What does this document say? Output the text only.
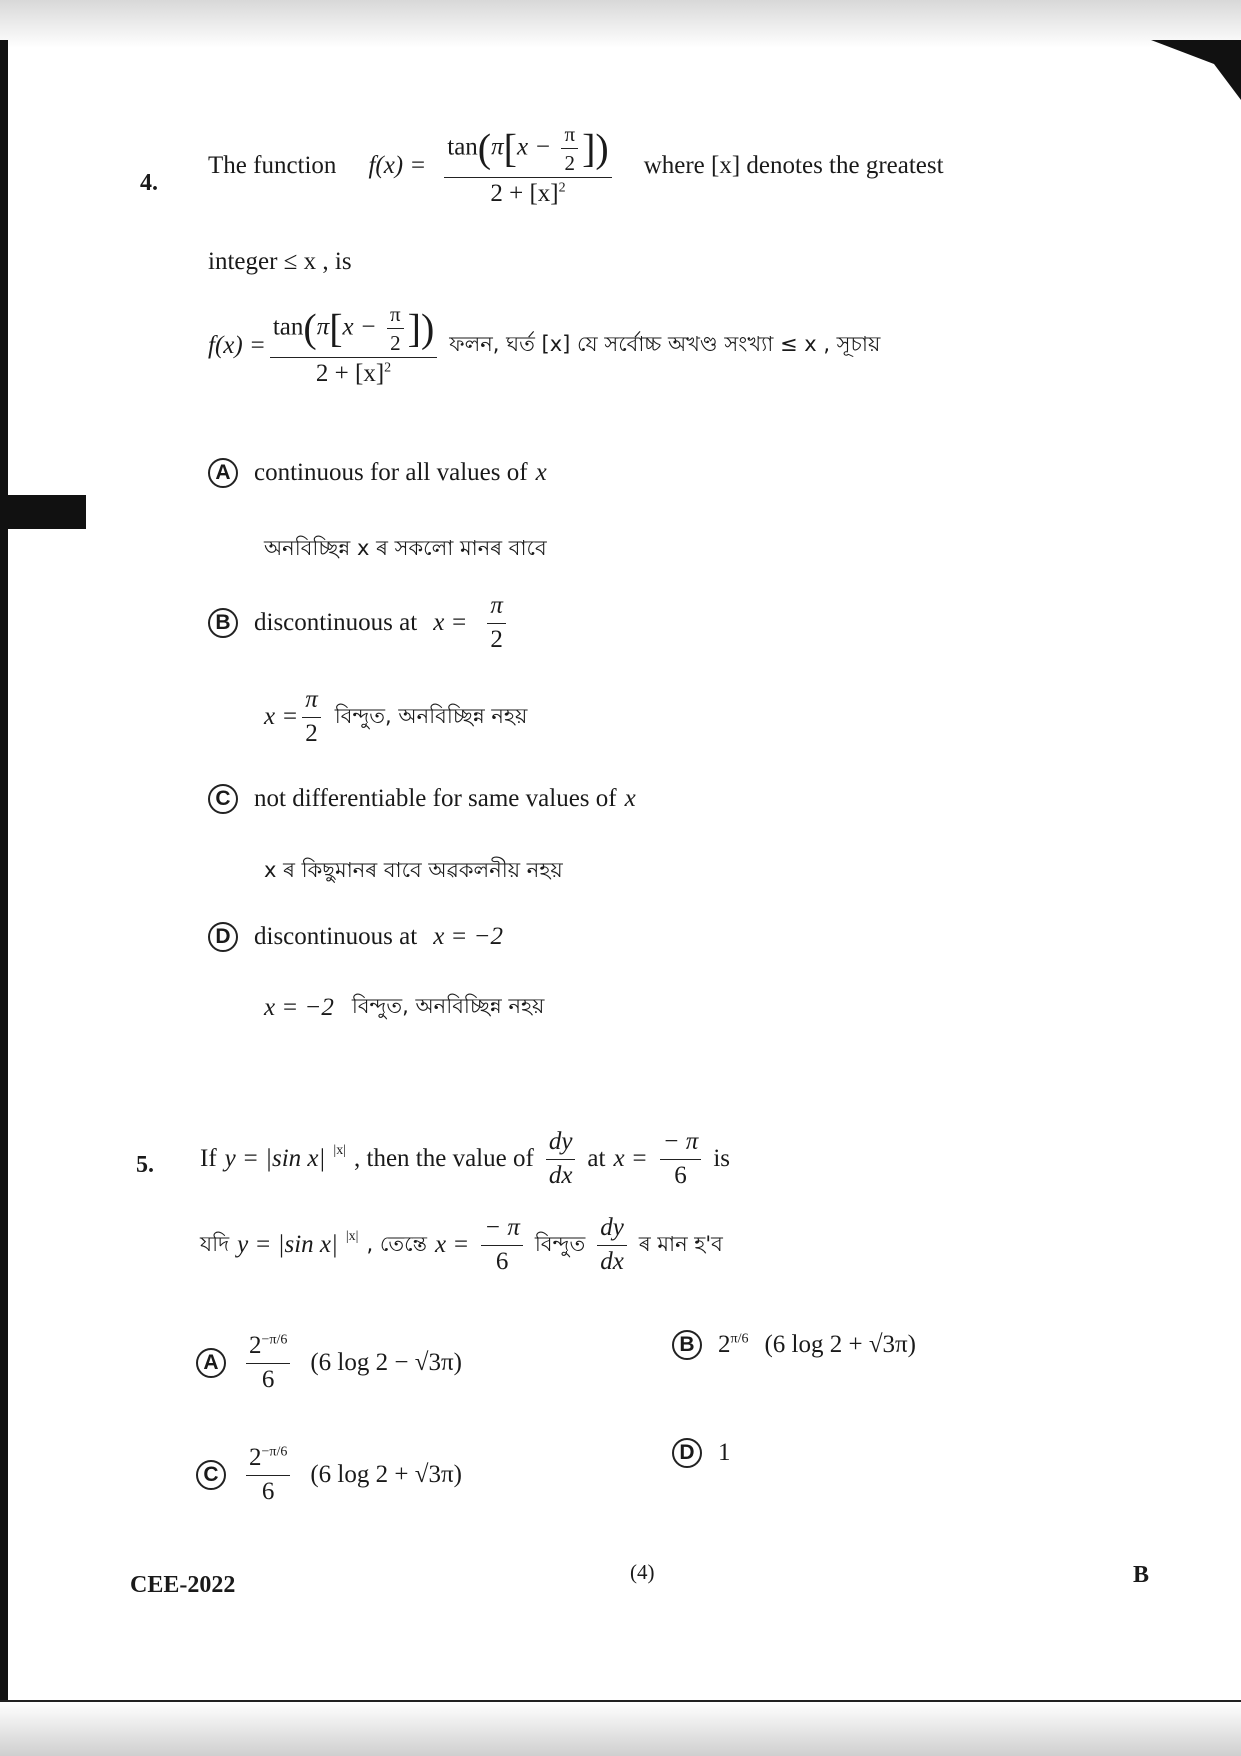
4.
The function $f(x) = \frac{\tan(\pi[x - \frac{\pi}{2} ])}{2 + [x]^2}$ where [x] denotes the greatest
integer ≤ x , is
$f(x) = \frac{\tan(\pi[x - \frac{\pi}{2} ])}{2 + [x]^2}$ ফলন, ঘৰ্ত [x] যে সৰ্বোচ্চ অখণ্ড সংখ্যা ≤ x , সূচায়
A continuous for all values of x
অনবিচ্ছিন্ন x ৰ সকলো মানৰ বাবে
B discontinuous at $x = \frac{\pi}{2}$
$x = \frac{\pi}{2}$ বিন্দুত, অনবিচ্ছিন্ন নহয়
C not differentiable for same values of x
x ৰ কিছুমানৰ বাবে অৱকলনীয় নহয়
D discontinuous at x = −2
x = −2 বিন্দুত, অনবিচ্ছিন্ন নহয়
5. If y = |sin x| $^{|x|}$ , then the value of $\frac{dy}{dx}$ at $x = \frac{- \pi}{6}$ is
যদি y = |sin x| $^{|x|}$ , তেন্তে $x = \frac{- \pi}{6}$ বিন্দুত $\frac{dy}{dx}$ ৰ মান হ'ব
A $\frac{2^{-\pi/6}}{6} (6$ log 2 − √3π)
B $2^{\pi/6}$ (6 log 2 + √3π)
C $\frac{2^{-\pi/6}}{6} (6$ log 2 + √3π)
D 1
CEE-2022	(4)	B
